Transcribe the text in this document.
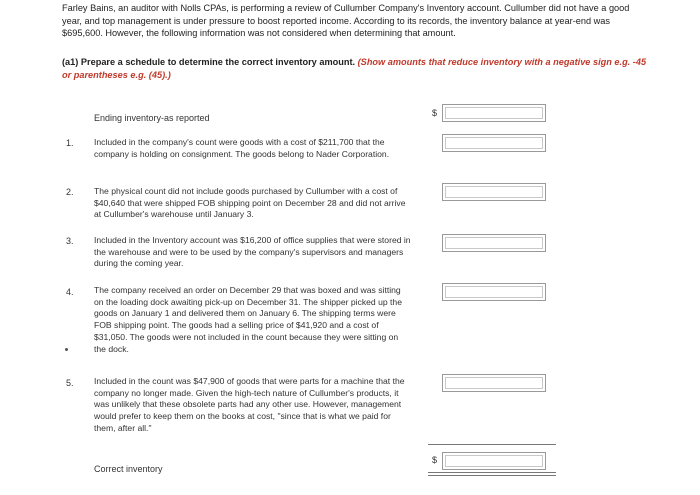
Farley Bains, an auditor with Nolls CPAs, is performing a review of Cullumber Company's Inventory account. Cullumber did not have a good year, and top management is under pressure to boost reported income. According to its records, the inventory balance at year-end was $695,600. However, the following information was not considered when determining that amount.
(a1) Prepare a schedule to determine the correct inventory amount. (Show amounts that reduce inventory with a negative sign e.g. -45 or parentheses e.g. (45).)
Ending inventory-as reported	$
1. Included in the company's count were goods with a cost of $211,700 that the company is holding on consignment. The goods belong to Nader Corporation.
2. The physical count did not include goods purchased by Cullumber with a cost of $40,640 that were shipped FOB shipping point on December 28 and did not arrive at Cullumber's warehouse until January 3.
3. Included in the Inventory account was $16,200 of office supplies that were stored in the warehouse and were to be used by the company's supervisors and managers during the coming year.
4. The company received an order on December 29 that was boxed and was sitting on the loading dock awaiting pick-up on December 31. The shipper picked up the goods on January 1 and delivered them on January 6. The shipping terms were FOB shipping point. The goods had a selling price of $41,920 and a cost of $31,050. The goods were not included in the count because they were sitting on the dock.
5. Included in the count was $47,900 of goods that were parts for a machine that the company no longer made. Given the high-tech nature of Cullumber's products, it was unlikely that these obsolete parts had any other use. However, management would prefer to keep them on the books at cost, "since that is what we paid for them, after all."
Correct inventory
$
